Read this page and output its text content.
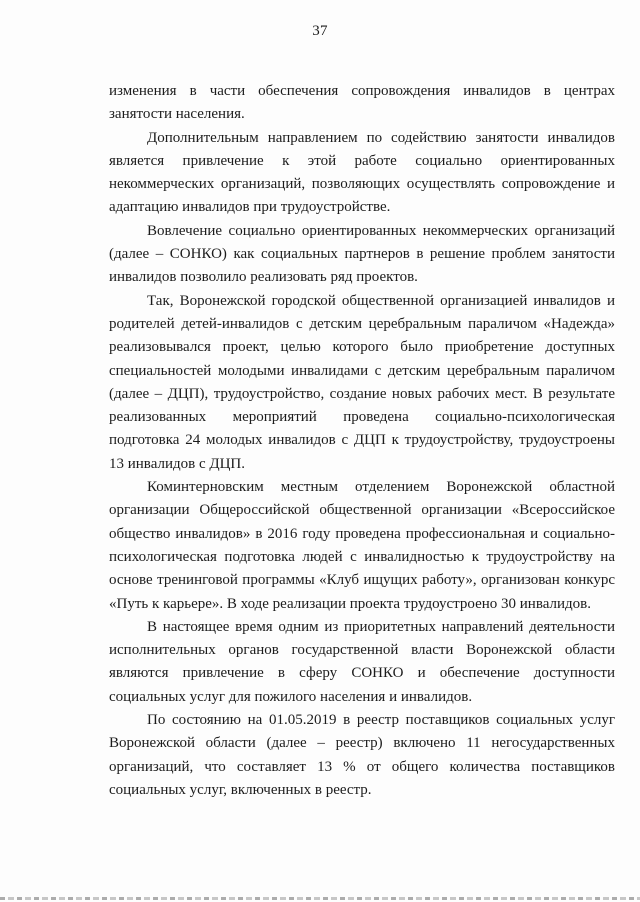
37

изменения в части обеспечения сопровождения инвалидов в центрах занятости населения.

Дополнительным направлением по содействию занятости инвалидов является привлечение к этой работе социально ориентированных некоммерческих организаций, позволяющих осуществлять сопровождение и адаптацию инвалидов при трудоустройстве.

Вовлечение социально ориентированных некоммерческих организаций (далее – СОНКО) как социальных партнеров в решение проблем занятости инвалидов позволило реализовать ряд проектов.

Так, Воронежской городской общественной организацией инвалидов и родителей детей-инвалидов с детским церебральным параличом «Надежда» реализовывался проект, целью которого было приобретение доступных специальностей молодыми инвалидами с детским церебральным параличом (далее – ДЦП), трудоустройство, создание новых рабочих мест. В результате реализованных мероприятий проведена социально-психологическая подготовка 24 молодых инвалидов с ДЦП к трудоустройству, трудоустроены 13 инвалидов с ДЦП.

Коминтерновским местным отделением Воронежской областной организации Общероссийской общественной организации «Всероссийское общество инвалидов» в 2016 году проведена профессиональная и социально-психологическая подготовка людей с инвалидностью к трудоустройству на основе тренинговой программы «Клуб ищущих работу», организован конкурс «Путь к карьере». В ходе реализации проекта трудоустроено 30 инвалидов.

В настоящее время одним из приоритетных направлений деятельности исполнительных органов государственной власти Воронежской области являются привлечение в сферу СОНКО и обеспечение доступности социальных услуг для пожилого населения и инвалидов.

По состоянию на 01.05.2019 в реестр поставщиков социальных услуг Воронежской области (далее – реестр) включено 11 негосударственных организаций, что составляет 13 % от общего количества поставщиков социальных услуг, включенных в реестр.
